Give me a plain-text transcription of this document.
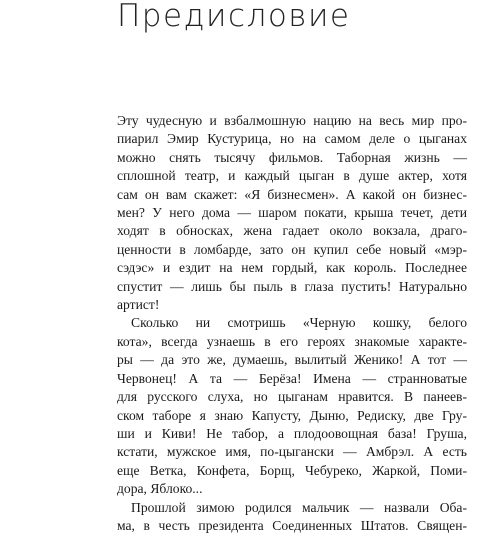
Предисловие

Эту чудесную и взбалмошную нацию на весь мир про-
пиарил Эмир Кустурица, но на самом деле о цыганах
можно снять тысячу фильмов. Таборная жизнь —
сплошной театр, и каждый цыган в душе актер, хотя
сам он вам скажет: «Я бизнесмен». А какой он бизнес-
мен? У него дома — шаром покати, крыша течет, дети
ходят в обносках, жена гадает около вокзала, драго-
ценности в ломбарде, зато он купил себе новый «мэр-
сэдэс» и ездит на нем гордый, как король. Последнее
спустит — лишь бы пыль в глаза пустить! Натурально
артист!

Сколько ни смотришь «Черную кошку, белого
кота», всегда узнаешь в его героях знакомые характе-
ры — да это же, думаешь, вылитый Женико! А тот —
Червонец! А та — Берёза! Имена — странноватые
для русского слуха, но цыганам нравится. В панеев-
ском таборе я знаю Капусту, Дыню, Редиску, две Гру-
ши и Киви! Не табор, а плодоовощная база! Груша,
кстати, мужское имя, по-цыгански — Амбрэл. А есть
еще Ветка, Конфета, Борщ, Чебуреко, Жаркой, Поми-
дора, Яблоко...

Прошлой зимою родился мальчик — назвали Оба-
ма, в честь президента Соединенных Штатов. Священ-
